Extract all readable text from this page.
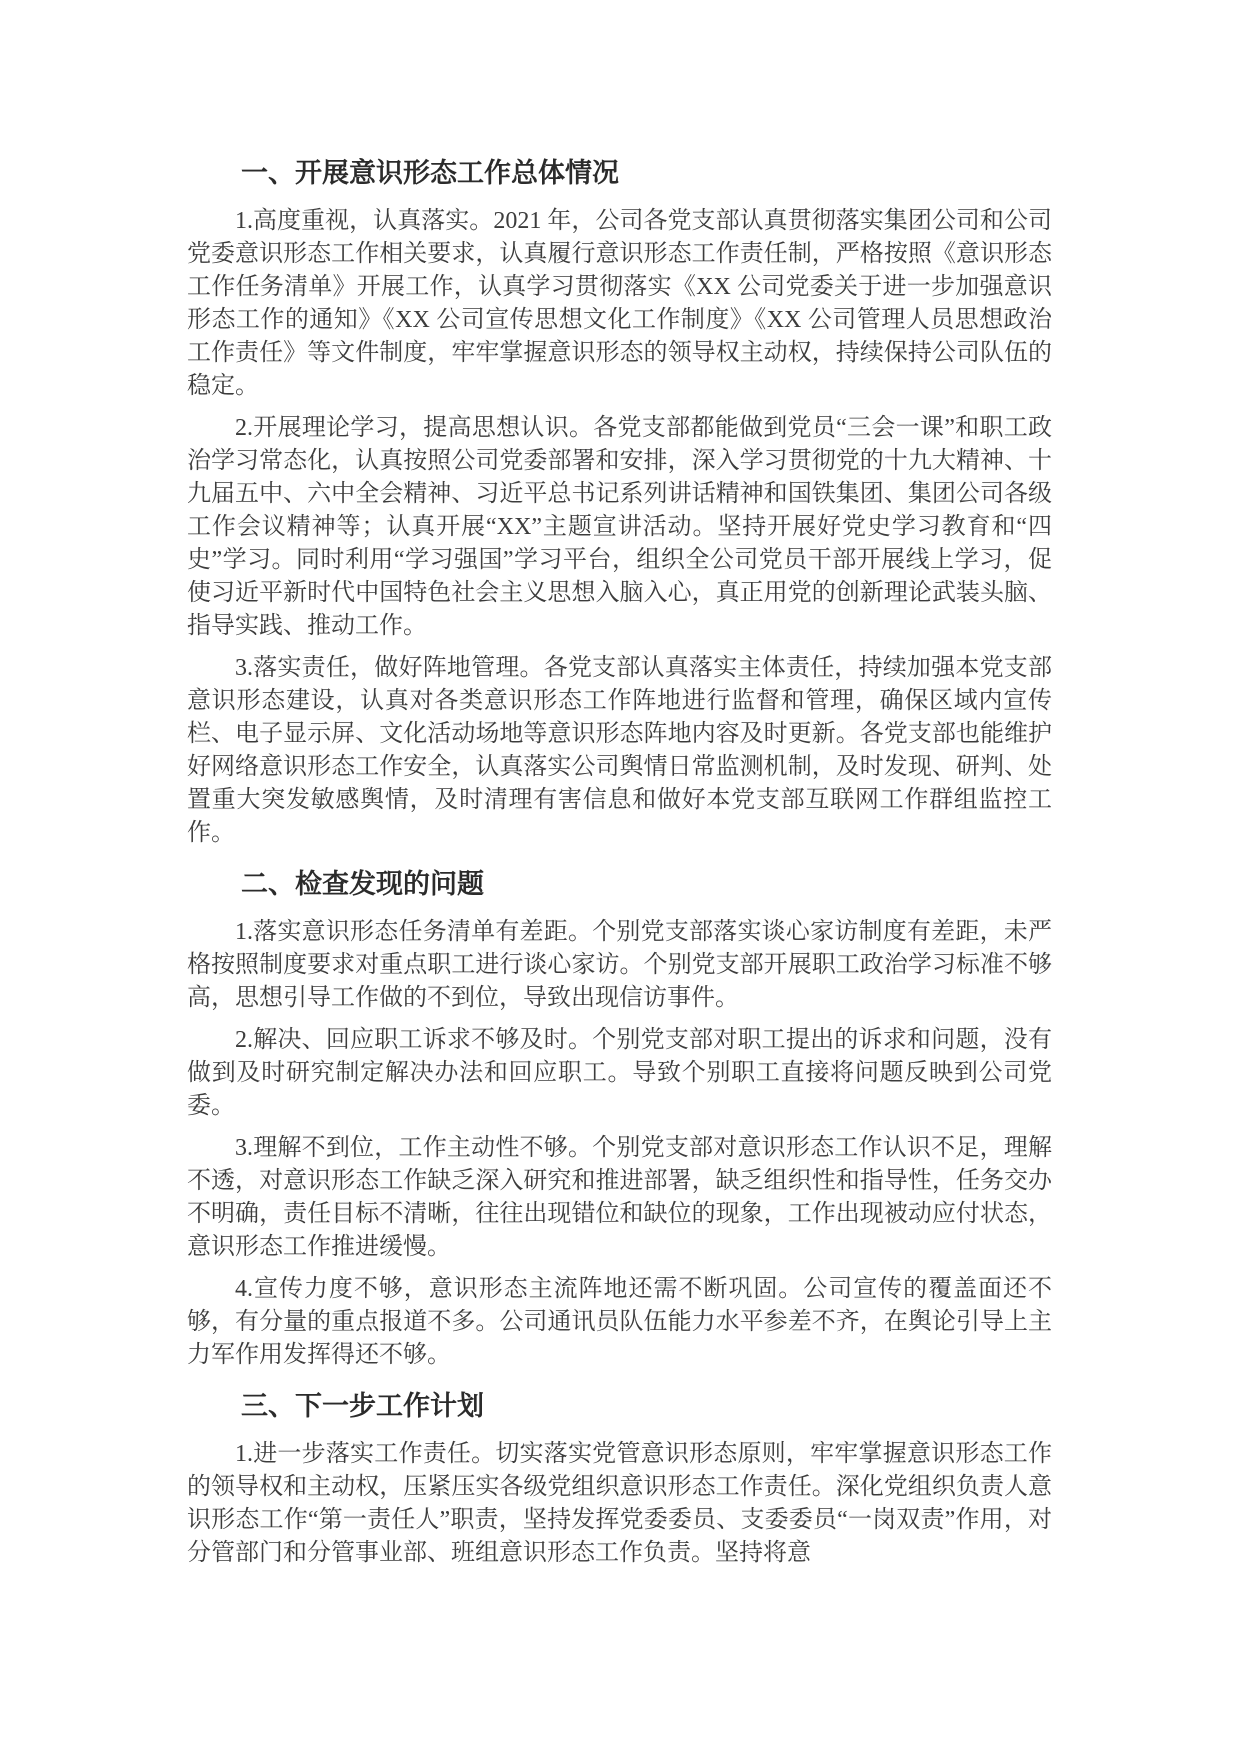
一、开展意识形态工作总体情况

1.高度重视，认真落实。2021 年，公司各党支部认真贯彻落实集团公司和公司党委意识形态工作相关要求，认真履行意识形态工作责任制，严格按照《意识形态工作任务清单》开展工作，认真学习贯彻落实《XX 公司党委关于进一步加强意识形态工作的通知》《XX 公司宣传思想文化工作制度》《XX 公司管理人员思想政治工作责任》等文件制度，牢牢掌握意识形态的领导权主动权，持续保持公司队伍的稳定。

2.开展理论学习，提高思想认识。各党支部都能做到党员“三会一课”和职工政治学习常态化，认真按照公司党委部署和安排，深入学习贯彻党的十九大精神、十九届五中、六中全会精神、习近平总书记系列讲话精神和国铁集团、集团公司各级工作会议精神等；认真开展“XX”主题宣讲活动。坚持开展好党史学习教育和“四史”学习。同时利用“学习强国”学习平台，组织全公司党员干部开展线上学习，促使习近平新时代中国特色社会主义思想入脑入心，真正用党的创新理论武装头脑、指导实践、推动工作。

3.落实责任，做好阵地管理。各党支部认真落实主体责任，持续加强本党支部意识形态建设，认真对各类意识形态工作阵地进行监督和管理，确保区域内宣传栏、电子显示屏、文化活动场地等意识形态阵地内容及时更新。各党支部也能维护好网络意识形态工作安全，认真落实公司舆情日常监测机制，及时发现、研判、处置重大突发敏感舆情，及时清理有害信息和做好本党支部互联网工作群组监控工作。

二、检查发现的问题

1.落实意识形态任务清单有差距。个别党支部落实谈心家访制度有差距，未严格按照制度要求对重点职工进行谈心家访。个别党支部开展职工政治学习标准不够高，思想引导工作做的不到位，导致出现信访事件。

2.解决、回应职工诉求不够及时。个别党支部对职工提出的诉求和问题，没有做到及时研究制定解决办法和回应职工。导致个别职工直接将问题反映到公司党委。

3.理解不到位，工作主动性不够。个别党支部对意识形态工作认识不足，理解不透，对意识形态工作缺乏深入研究和推进部署，缺乏组织性和指导性，任务交办不明确，责任目标不清晰，往往出现错位和缺位的现象，工作出现被动应付状态，意识形态工作推进缓慢。

4.宣传力度不够，意识形态主流阵地还需不断巩固。公司宣传的覆盖面还不够，有分量的重点报道不多。公司通讯员队伍能力水平参差不齐，在舆论引导上主力军作用发挥得还不够。

三、下一步工作计划

1.进一步落实工作责任。切实落实党管意识形态原则，牢牢掌握意识形态工作的领导权和主动权，压紧压实各级党组织意识形态工作责任。深化党组织负责人意识形态工作“第一责任人”职责，坚持发挥党委委员、支委委员“一岗双责”作用，对分管部门和分管事业部、班组意识形态工作负责。坚持将意
